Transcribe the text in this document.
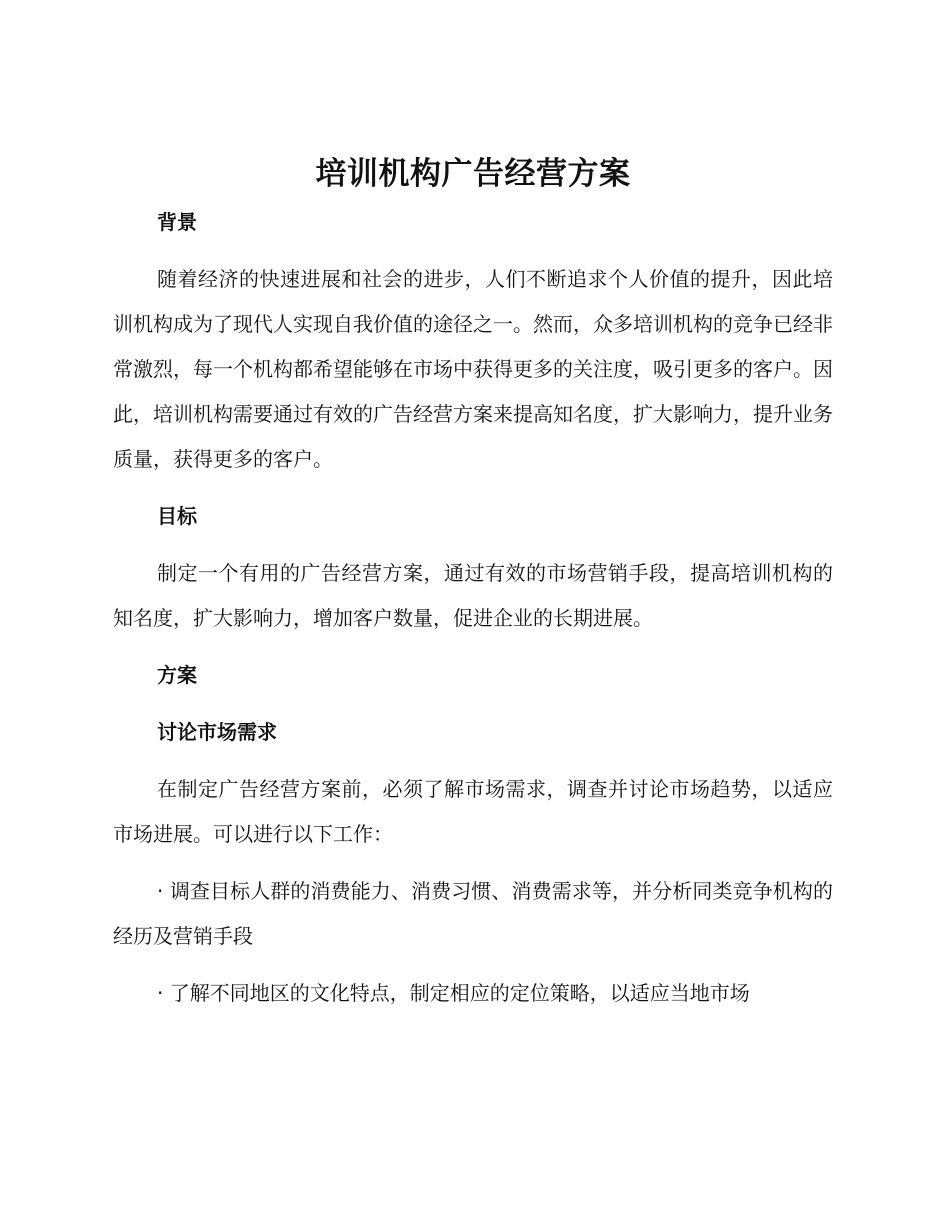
培训机构广告经营方案
背景

随着经济的快速进展和社会的进步，人们不断追求个人价值的提升，因此培训机构成为了现代人实现自我价值的途径之一。然而，众多培训机构的竞争已经非常激烈，每一个机构都希望能够在市场中获得更多的关注度，吸引更多的客户。因此，培训机构需要通过有效的广告经营方案来提高知名度，扩大影响力，提升业务质量，获得更多的客户。

目标

制定一个有用的广告经营方案，通过有效的市场营销手段，提高培训机构的知名度，扩大影响力，增加客户数量，促进企业的长期进展。

方案
讨论市场需求

在制定广告经营方案前，必须了解市场需求，调查并讨论市场趋势，以适应市场进展。可以进行以下工作：

· 调查目标人群的消费能力、消费习惯、消费需求等，并分析同类竞争机构的经历及营销手段

· 了解不同地区的文化特点，制定相应的定位策略，以适应当地市场
